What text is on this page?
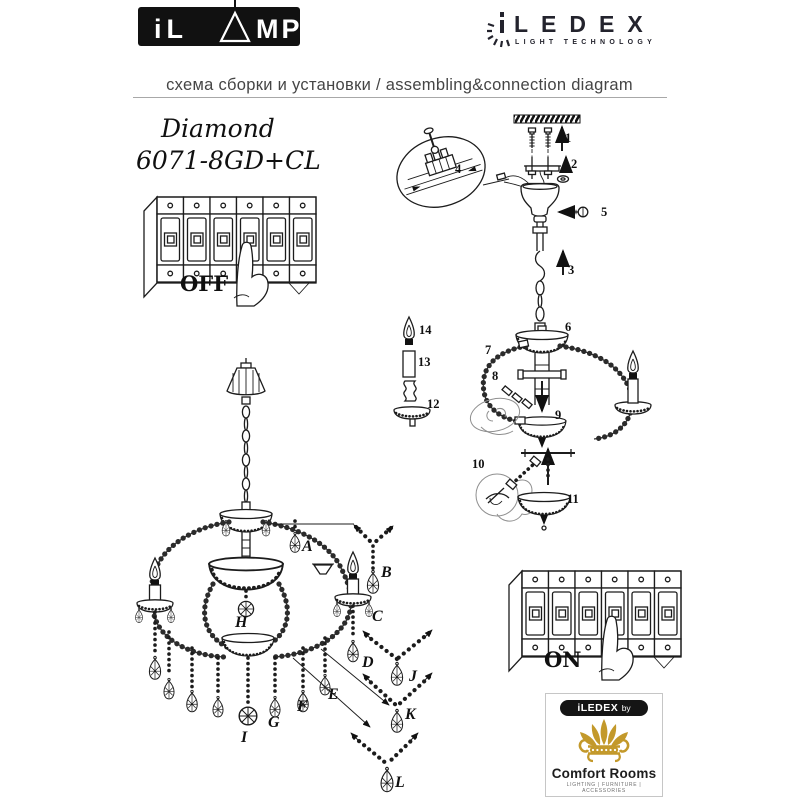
iL	MP	LEDEX
LIGHT TECHNOLOGY
схема сборки и установки / assembling&connection diagram
Diamond
6071-8GD+CL
OFF
ON
1
2
3
4
5
6
7
8
9
10
11
12
13
14
A
B
C
D
E
F
G
H
I
J
K
L
iLEDEX by
Comfort Rooms
LIGHTING | FURNITURE | ACCESSORIES
